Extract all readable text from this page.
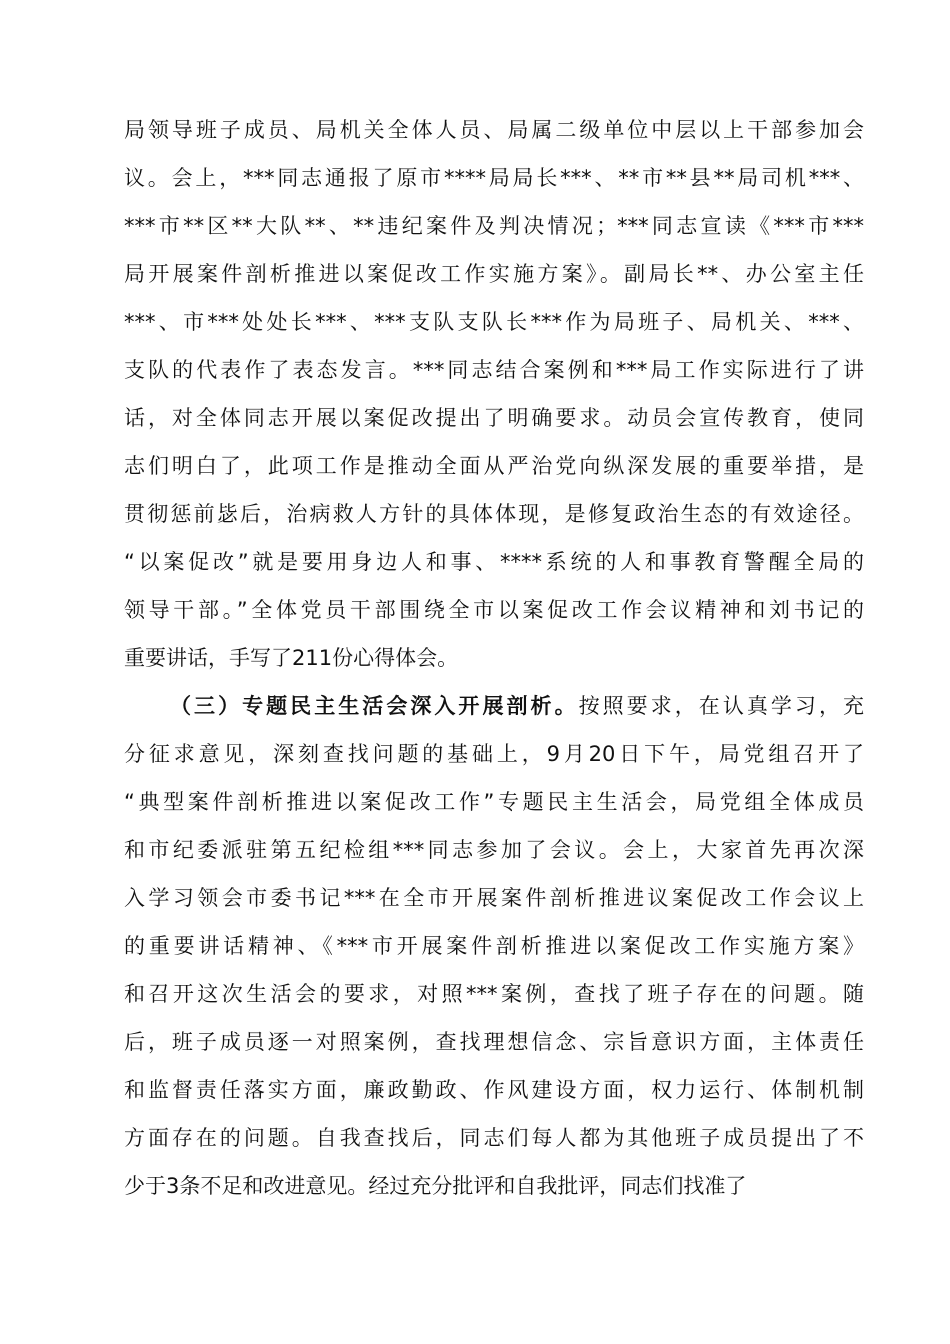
局领导班子成员、局机关全体人员、局属二级单位中层以上干部参加会
议。会上，***同志通报了原市****局局长***、**市**县**局司机***、
***市**区**大队**、**违纪案件及判决情况；***同志宣读《***市***
局开展案件剖析推进以案促改工作实施方案》。副局长**、办公室主任
***、市***处处长***、***支队支队长***作为局班子、局机关、***、
支队的代表作了表态发言。***同志结合案例和***局工作实际进行了讲
话，对全体同志开展以案促改提出了明确要求。动员会宣传教育，使同
志们明白了，此项工作是推动全面从严治党向纵深发展的重要举措，是
贯彻惩前毖后，治病救人方针的具体体现，是修复政治生态的有效途径。
“以案促改”就是要用身边人和事、****系统的人和事教育警醒全局的
领导干部。”全体党员干部围绕全市以案促改工作会议精神和刘书记的
重要讲话，手写了211份心得体会。
（三）专题民主生活会深入开展剖析。按照要求，在认真学习，充
分征求意见，深刻查找问题的基础上，9月20日下午，局党组召开了
“典型案件剖析推进以案促改工作”专题民主生活会，局党组全体成员
和市纪委派驻第五纪检组***同志参加了会议。会上，大家首先再次深
入学习领会市委书记***在全市开展案件剖析推进议案促改工作会议上
的重要讲话精神、《***市开展案件剖析推进以案促改工作实施方案》
和召开这次生活会的要求，对照***案例，查找了班子存在的问题。随
后，班子成员逐一对照案例，查找理想信念、宗旨意识方面，主体责任
和监督责任落实方面，廉政勤政、作风建设方面，权力运行、体制机制
方面存在的问题。自我查找后，同志们每人都为其他班子成员提出了不
少于3条不足和改进意见。经过充分批评和自我批评，同志们找准了
